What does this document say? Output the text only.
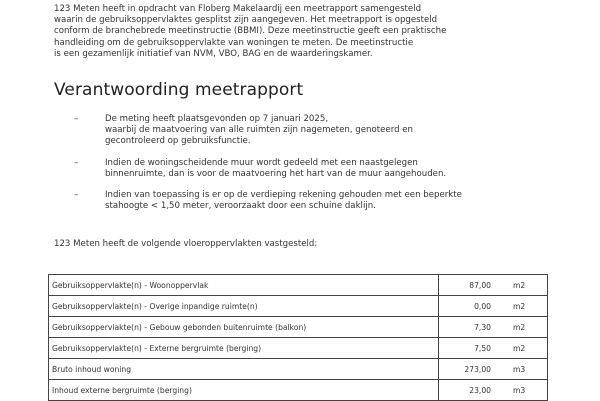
123 Meten heeft in opdracht van Floberg Makelaardij een meetrapport samengesteld
waarin de gebruiksoppervlaktes gesplitst zijn aangegeven. Het meetrapport is opgesteld
conform de branchebrede meetinstructie (BBMI). Deze meetinstructie geeft een praktische
handleiding om de gebruiksoppervlakte van woningen te meten. De meetinstructie
is een gezamenlijk initiatief van NVM, VBO, BAG en de waarderingskamer.

Verantwoording meetrapport
–	De meting heeft plaatsgevonden op 7 januari 2025,
waarbij de maatvoering van alle ruimten zijn nagemeten, genoteerd en
gecontroleerd op gebruiksfunctie.
–	Indien de woningscheidende muur wordt gedeeld met een naastgelegen
binnenruimte, dan is voor de maatvoering het hart van de muur aangehouden.
–	Indien van toepassing is er op de verdieping rekening gehouden met een beperkte
stahoogte < 1,50 meter, veroorzaakt door een schuine daklijn.

123 Meten heeft de volgende vloeroppervlakten vastgesteld:

Gebruiksoppervlakte(n) - Woonoppervlak	87,00 m2

Gebruiksoppervlakte(n) - Overige inpandige ruimte(n)	0,00 m2

Gebruiksoppervlakte(n) - Gebouw gebonden buitenruimte (balkon)	7,30 m2

Gebruiksoppervlakte(n) - Externe bergruimte (berging)	7,50 m2

Bruto inhoud woning	273,00 m3

Inhoud externe bergruimte (berging)	23,00 m3
